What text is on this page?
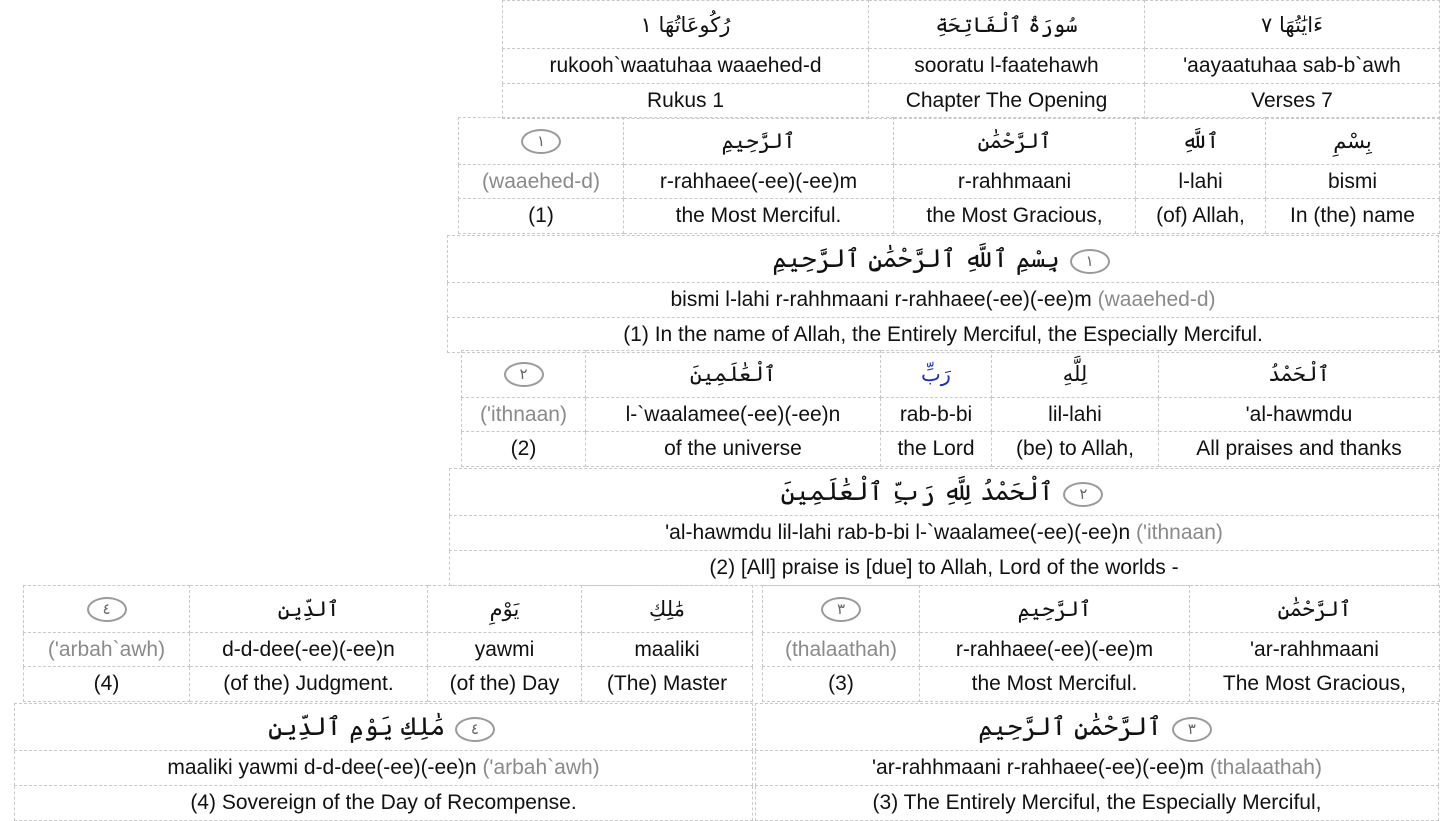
رُكُوعَاتُهَا ١	سُورَةُ ٱلْفَاتِحَةِ	ءَايَٰتُهَا ٧
rukooh`waatuhaa waaehed-d	sooratu l-faatehawh	'aayaatuhaa sab-b`awh
Rukus 1	Chapter The Opening	Verses 7
١	ٱلرَّحِيمِ	ٱلرَّحْمَٰنِ	ٱللَّهِ	بِسْمِ
(waaehed-d)	r-rahhaee(-ee)(-ee)m	r-rahhmaani	l-lahi	bismi
(1)	the Most Merciful.	the Most Gracious,	(of) Allah,	In (the) name
بِسْمِ ٱللَّهِ ٱلرَّحْمَٰنِ ٱلرَّحِيمِ ١
bismi l-lahi r-rahhmaani r-rahhaee(-ee)(-ee)m (waaehed-d)
(1) In the name of Allah, the Entirely Merciful, the Especially Merciful.
٢	ٱلْعَٰلَمِينَ	رَبِّ	لِلَّهِ	ٱلْحَمْدُ
('ithnaan)	l-`waalamee(-ee)(-ee)n	rab-b-bi	lil-lahi	'al-hawmdu
(2)	of the universe	the Lord	(be) to Allah,	All praises and thanks
ٱلْحَمْدُ لِلَّهِ رَبِّ ٱلْعَٰلَمِينَ ٢
'al-hawmdu lil-lahi rab-b-bi l-`waalamee(-ee)(-ee)n ('ithnaan)
(2) [All] praise is [due] to Allah, Lord of the worlds -
٤	ٱلدِّينِ	يَوْمِ	مَٰلِكِ
('arbah`awh)	d-d-dee(-ee)(-ee)n	yawmi	maaliki
(4)	(of the) Judgment.	(of the) Day	(The) Master
٣	ٱلرَّحِيمِ	ٱلرَّحْمَٰنِ
(thalaathah)	r-rahhaee(-ee)(-ee)m	'ar-rahhmaani
(3)	the Most Merciful.	The Most Gracious,
مَٰلِكِ يَوْمِ ٱلدِّينِ ٤
maaliki yawmi d-d-dee(-ee)(-ee)n ('arbah`awh)
(4) Sovereign of the Day of Recompense.
ٱلرَّحْمَٰنِ ٱلرَّحِيمِ ٣
'ar-rahhmaani r-rahhaee(-ee)(-ee)m (thalaathah)
(3) The Entirely Merciful, the Especially Merciful,
